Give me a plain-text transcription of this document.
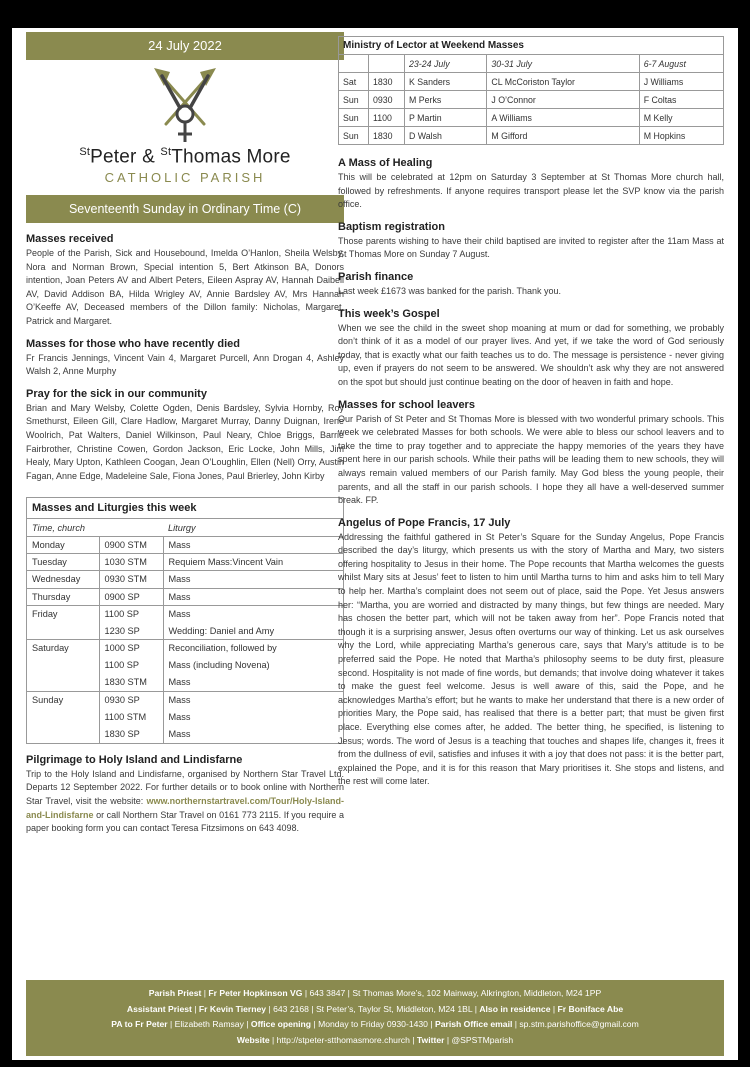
24 July 2022
$^{St}$Peter & $^{St}$Thomas More
CATHOLIC PARISH
Seventeenth Sunday in Ordinary Time (C)
Masses received

People of the Parish, Sick and Housebound, Imelda O’Hanlon, Sheila Welsby, Nora and Norman Brown, Special intention 5, Bert Atkinson BA, Donors intention, Joan Peters AV and Albert Peters, Eileen Aspray AV, Hannah Daibell AV, David Addison BA, Hilda Wrigley AV, Annie Bardsley AV, Mrs Hannah O’Keeffe AV, Deceased members of the Dillon family: Nicholas, Margaret, Patrick and Margaret.

Masses for those who have recently died

Fr Francis Jennings, Vincent Vain 4, Margaret Purcell, Ann Drogan 4, Ashley Walsh 2, Anne Murphy

Pray for the sick in our community

Brian and Mary Welsby, Colette Ogden, Denis Bardsley, Sylvia Hornby, Roy Smethurst, Eileen Gill, Clare Hadlow, Margaret Murray, Danny Duignan, Irene Woolrich, Pat Walters, Daniel Wilkinson, Paul Neary, Chloe Briggs, Barrie Fairbrother, Christine Cowen, Gordon Jackson, Eric Locke, John Mills, Jim Healy, Mary Upton, Kathleen Coogan, Jean O’Loughlin, Ellen (Nell) Orry, Austin Fagan, Anne Edge, Madeleine Sale, Fiona Jones, Paul Brierley, John Kirby

Masses and Liturgies this week
Time, church		Liturgy
Monday	0900 STM	Mass
Tuesday	1030 STM	Requiem Mass:Vincent Vain
Wednesday	0930 STM	Mass
Thursday	0900 SP	Mass
Friday	1100 SP	Mass
	1230 SP	Wedding: Daniel and Amy
Saturday	1000 SP	Reconciliation, followed by
	1100 SP	Mass (including Novena)
	1830 STM	Mass
Sunday	0930 SP	Mass
	1100 STM	Mass
	1830 SP	Mass
Pilgrimage to Holy Island and Lindisfarne

Trip to the Holy Island and Lindisfarne, organised by Northern Star Travel Ltd. Departs 12 September 2022. For further details or to book online with Northern Star Travel, visit the website: www.northernstartravel.com/Tour/Holy-Island-and-Lindisfarne or call Northern Star Travel on 0161 773 2115. If you require a paper booking form you can contact Teresa Fitzsimons on 643 4098.

Ministry of Lector at Weekend Masses				
		23-24 July	30-31 July	6-7 August
Sat	1830	K Sanders	CL McCoriston Taylor	J Williams
Sun	0930	M Perks	J O’Connor	F Coltas
Sun	1100	P Martin	A Williams	M Kelly
Sun	1830	D Walsh	M Gifford	M Hopkins
A Mass of Healing

This will be celebrated at 12pm on Saturday 3 September at St Thomas More church hall, followed by refreshments. If anyone requires transport please let the SVP know via the parish office.

Baptism registration

Those parents wishing to have their child baptised are invited to register after the 11am Mass at St Thomas More on Sunday 7 August.

Parish finance

Last week £1673 was banked for the parish. Thank you.

This week’s Gospel

When we see the child in the sweet shop moaning at mum or dad for something, we probably don’t think of it as a model of our prayer lives. And yet, if we take the word of God seriously today, that is exactly what our faith teaches us to do. The message is persistence - never giving up, even if prayers do not seem to be answered. We shouldn’t ask why they are not answered on the spot but should just continue beating on the door of heaven in faith and hope.

Masses for school leavers

Our Parish of St Peter and St Thomas More is blessed with two wonderful primary schools. This week we celebrated Masses for both schools. We were able to bless our school leavers and to take the time to pray together and to appreciate the happy memories of the years they have spent here in our parish schools. While their paths will be leading them to new schools, they will always remain valued members of our Parish family. May God bless the young people, their parents, and all the staff in our parish schools. I hope they all have a well-deserved summer break. FP.

Angelus of Pope Francis, 17 July

Addressing the faithful gathered in St Peter’s Square for the Sunday Angelus, Pope Francis described the day’s liturgy, which presents us with the story of Martha and Mary, two sisters offering hospitality to Jesus in their home. The Pope recounts that Martha welcomes the guests whilst Mary sits at Jesus’ feet to listen to him until Martha turns to him and asks him to tell Mary to help her. Martha’s complaint does not seem out of place, said the Pope. Yet Jesus answers her: “Martha, you are worried and distracted by many things, but few things are needed. Mary has chosen the better part, which will not be taken away from her”. Pope Francis noted that though it is a surprising answer, Jesus often overturns our way of thinking. Let us ask ourselves why the Lord, while appreciating Martha’s generous care, says that Mary’s attitude is to be preferred said the Pope. He noted that Martha’s philosophy seems to be duty first, pleasure second. Hospitality is not made of fine words, but demands; that involve doing whatever it takes to make the guest feel welcome. Jesus is well aware of this, said the Pope, and he acknowledges Martha’s effort; but he wants to make her understand that there is a new order of priorities Mary, the Pope said, has realised that there is a better part; that must be given first place. Everything else comes after, he added. The better thing, he specified, is listening to Jesus; words. The word of Jesus is a teaching that touches and shapes life, changes it, frees it from the dullness of evil, satisfies and infuses it with a joy that does not pass: it is the better part, explained the Pope, and it is for this reason that Mary prioritises it. She stops and listens, and the rest will come later.

Parish Priest | Fr Peter Hopkinson VG | 643 3847 | St Thomas More’s, 102 Mainway, Alkrington, Middleton, M24 1PP
Assistant Priest | Fr Kevin Tierney | 643 2168 | St Peter’s, Taylor St, Middleton, M24 1BL | Also in residence | Fr Boniface Abe
PA to Fr Peter | Elizabeth Ramsay | Office opening | Monday to Friday 0930-1430 | Parish Office email | sp.stm.parishoffice@gmail.com
Website | http://stpeter-stthomasmore.church | Twitter | @SPSTMparish
